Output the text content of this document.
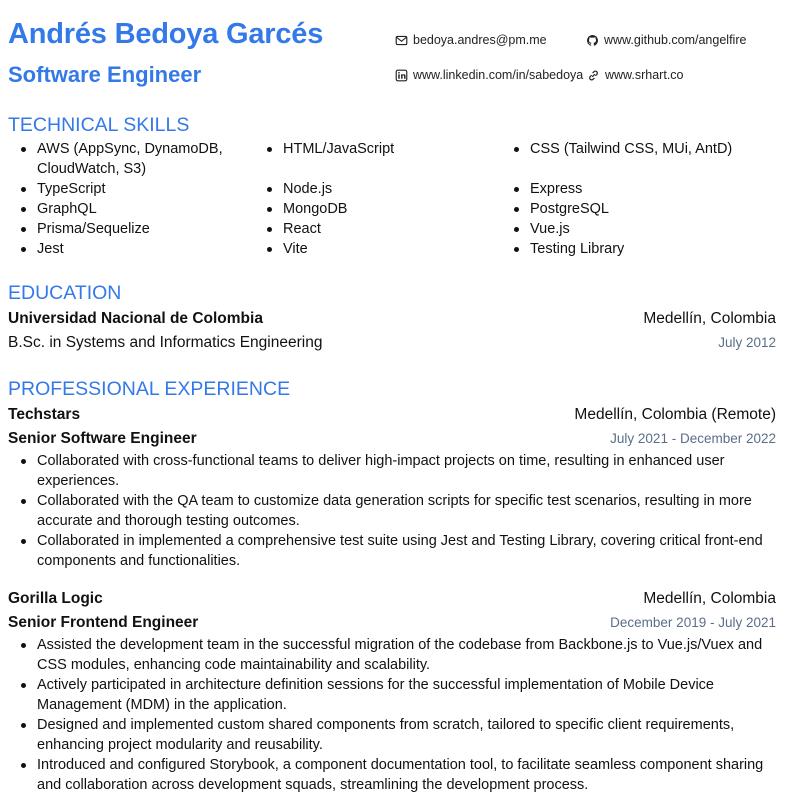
Andrés Bedoya Garcés
Software Engineer
bedoya.andres@pm.me	www.github.com/angelfire
www.linkedin.com/in/sabedoya www.srhart.co
TECHNICAL SKILLS
AWS (AppSync, DynamoDB, CloudWatch, S3)
TypeScript
GraphQL
Prisma/Sequelize
Jest
HTML/JavaScript
Node.js
MongoDB
React
Vite
CSS (Tailwind CSS, MUi, AntD)
Express
PostgreSQL
Vue.js
Testing Library
EDUCATION
Universidad Nacional de Colombia	Medellín, Colombia
B.Sc. in Systems and Informatics Engineering	July 2012
PROFESSIONAL EXPERIENCE
Techstars	Medellín, Colombia (Remote)
Senior Software Engineer	July 2021 - December 2022
Collaborated with cross-functional teams to deliver high-impact projects on time, resulting in enhanced user experiences.
Collaborated with the QA team to customize data generation scripts for specific test scenarios, resulting in more accurate and thorough testing outcomes.
Collaborated in implemented a comprehensive test suite using Jest and Testing Library, covering critical front-end components and functionalities.
Gorilla Logic	Medellín, Colombia
Senior Frontend Engineer	December 2019 - July 2021
Assisted the development team in the successful migration of the codebase from Backbone.js to Vue.js/Vuex and CSS modules, enhancing code maintainability and scalability.
Actively participated in architecture definition sessions for the successful implementation of Mobile Device Management (MDM) in the application.
Designed and implemented custom shared components from scratch, tailored to specific client requirements, enhancing project modularity and reusability.
Introduced and configured Storybook, a component documentation tool, to facilitate seamless component sharing and collaboration across development squads, streamlining the development process.
